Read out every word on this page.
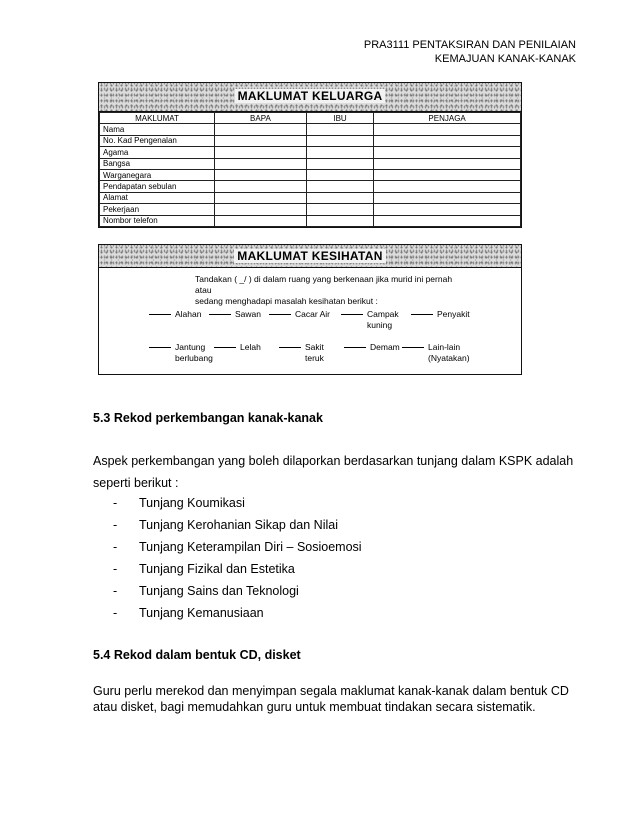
PRA3111 PENTAKSIRAN DAN PENILAIAN
KEMAJUAN KANAK-KANAK
MAKLUMAT KELUARGA
MAKLUMAT	BAPA	IBU	PENJAGA
Nama			
No. Kad Pengenalan			
Agama			
Bangsa			
Warganegara			
Pendapatan sebulan			
Alamat			
Pekerjaan			
Nombor telefon			
MAKLUMAT KESIHATAN
Tandakan ( _/ ) di dalam ruang yang berkenaan jika murid ini pernah atau
sedang menghadapi masalah kesihatan berikut :
Alahan	Sawan	Cacar Air	Campak
kuning
Penyakit
Jantung
berlubang
Lelah	Sakit
teruk
Demam	Lain-lain
(Nyatakan)
5.3 Rekod perkembangan kanak-kanak

Aspek perkembangan yang boleh dilaporkan berdasarkan tunjang dalam KSPK adalah seperti berikut :

- Tunjang Koumikasi
- Tunjang Kerohanian Sikap dan Nilai
- Tunjang Keterampilan Diri – Sosioemosi
- Tunjang Fizikal dan Estetika
- Tunjang Sains dan Teknologi
- Tunjang Kemanusiaan
5.4 Rekod dalam bentuk CD, disket

Guru perlu merekod dan menyimpan segala maklumat kanak-kanak dalam bentuk CD atau disket, bagi memudahkan guru untuk membuat tindakan secara sistematik.
